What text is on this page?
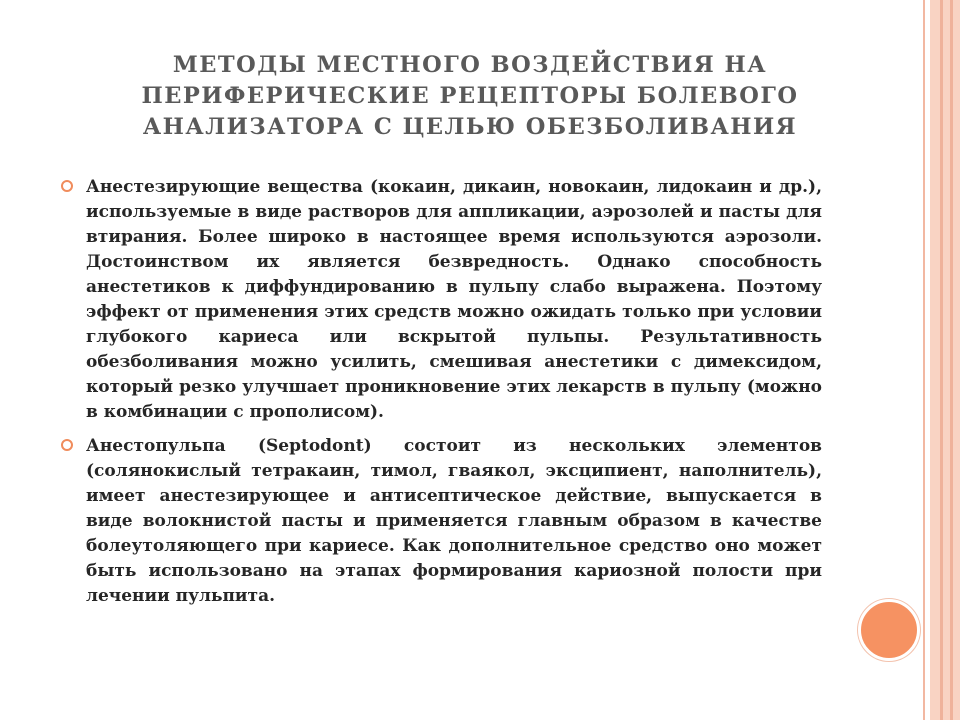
МЕТОДЫ МЕСТНОГО ВОЗДЕЙСТВИЯ НА ПЕРИФЕРИЧЕСКИЕ РЕЦЕПТОРЫ БОЛЕВОГО АНАЛИЗАТОРА С ЦЕЛЬЮ ОБЕЗБОЛИВАНИЯ

Анестезирующие вещества (кокаин, дикаин, новокаин, лидокаин и др.), используемые в виде растворов для аппликации, аэрозолей и пасты для втирания. Более широко в настоящее время используются аэрозоли. Достоинством их является безвредность. Однако способность анестетиков к диффундированию в пульпу слабо выражена. Поэтому эффект от применения этих средств можно ожидать только при условии глубокого кариеса или вскрытой пульпы. Результативность обезболивания можно усилить, смешивая анестетики с димексидом, который резко улучшает проникновение этих лекарств в пульпу (можно в комбинации с прополисом).

Анестопульпа (Septodont) состоит из нескольких элементов (солянокислый тетракаин, тимол, гваякол, эксципиент, наполнитель), имеет анестезирующее и антисептическое действие, выпускается в виде волокнистой пасты и применяется главным образом в качестве болеутоляющего при кариесе. Как дополнительное средство оно может быть использовано на этапах формирования кариозной полости при лечении пульпита.
